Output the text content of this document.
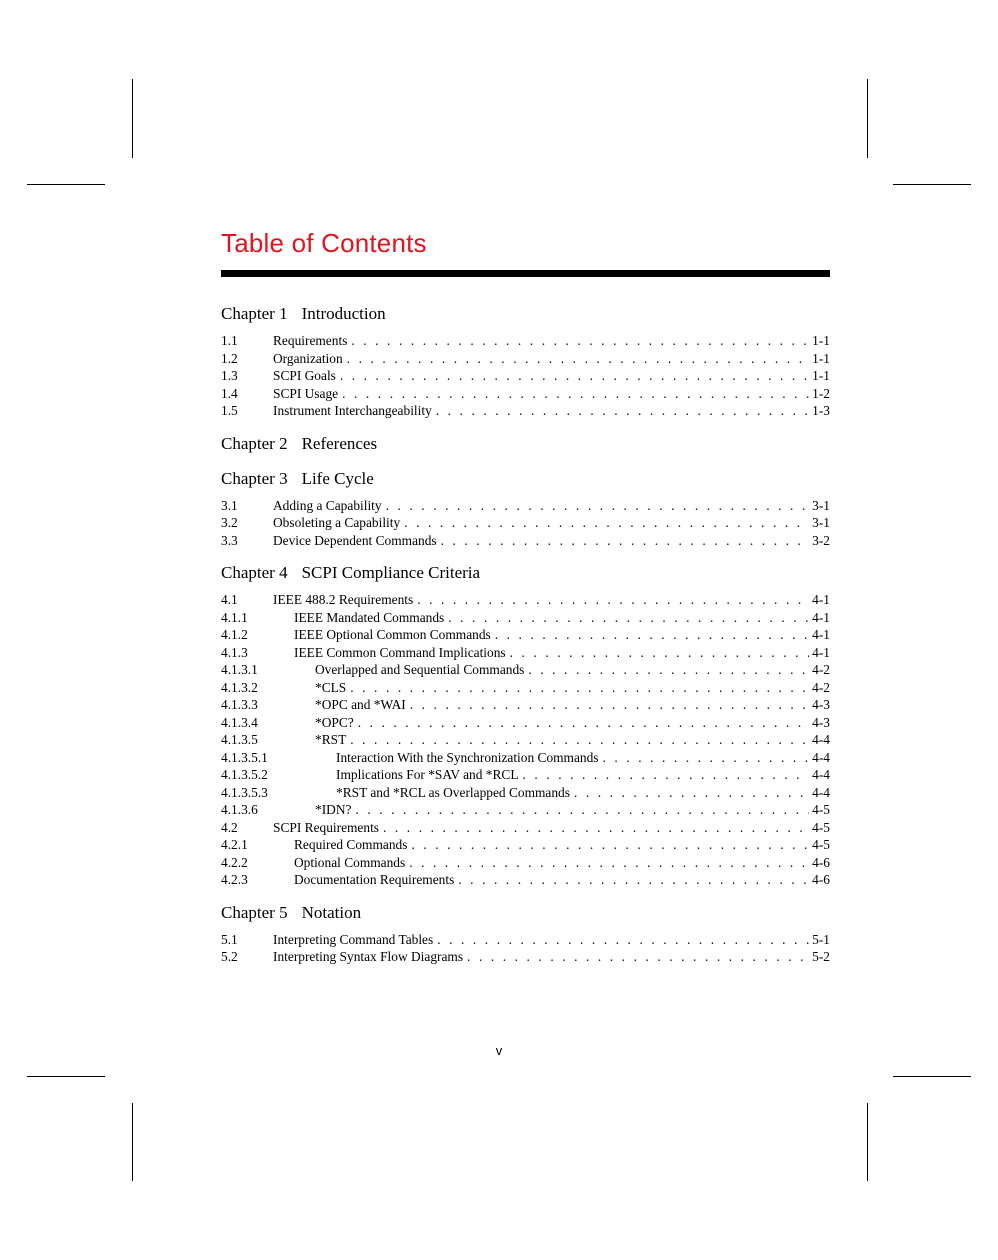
Table of Contents
Chapter 1 Introduction
1.1	Requirements . . .	1-1
1.2	Organization . . .	1-1
1.3	SCPI Goals . . .	1-1
1.4	SCPI Usage . . .	1-2
1.5	Instrument Interchangeability . . .	1-3
Chapter 2 References
Chapter 3 Life Cycle
3.1	Adding a Capability . . .	3-1
3.2	Obsoleting a Capability . . .	3-1
3.3	Device Dependent Commands . . .	3-2
Chapter 4 SCPI Compliance Criteria
4.1	IEEE 488.2 Requirements . . .	4-1
4.1.1	IEEE Mandated Commands . . .	4-1
4.1.2	IEEE Optional Common Commands . . .	4-1
4.1.3	IEEE Common Command Implications . . .	4-1
4.1.3.1	Overlapped and Sequential Commands . . .	4-2
4.1.3.2	*CLS . . .	4-2
4.1.3.3	*OPC and *WAI . . .	4-3
4.1.3.4	*OPC? . . .	4-3
4.1.3.5	*RST . . .	4-4
4.1.3.5.1	Interaction With the Synchronization Commands . . .	4-4
4.1.3.5.2	Implications For *SAV and *RCL . . .	4-4
4.1.3.5.3	*RST and *RCL as Overlapped Commands . . .	4-4
4.1.3.6	*IDN? . . .	4-5
4.2	SCPI Requirements . . .	4-5
4.2.1	Required Commands . . .	4-5
4.2.2	Optional Commands . . .	4-6
4.2.3	Documentation Requirements . . .	4-6
Chapter 5 Notation
5.1	Interpreting Command Tables . . .	5-1
5.2	Interpreting Syntax Flow Diagrams . . .	5-2
v
